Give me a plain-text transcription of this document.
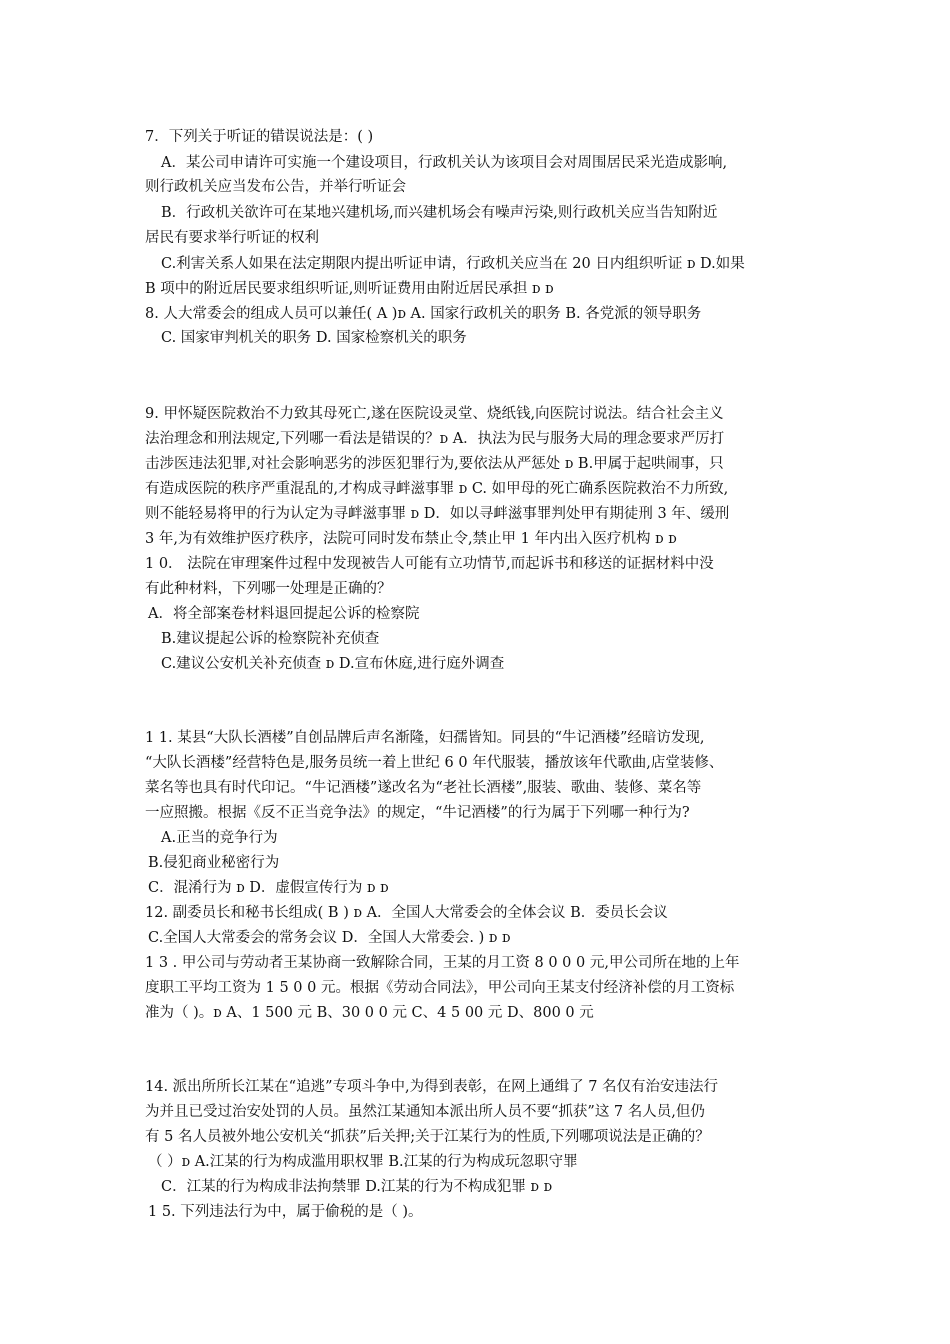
7．下列关于听证的错误说法是：( )
A．某公司申请许可实施一个建设项目，行政机关认为该项目会对周围居民采光造成影响,
则行政机关应当发布公告，并举行听证会
B．行政机关欲许可在某地兴建机场,而兴建机场会有噪声污染,则行政机关应当告知附近
居民有要求举行听证的权利
C.利害关系人如果在法定期限内提出听证申请，行政机关应当在 20 日内组织听证 ᴅ D.如果
B 项中的附近居民要求组织听证,则听证费用由附近居民承担 ᴅ ᴅ
8. 人大常委会的组成人员可以兼任( A )ᴅ A. 国家行政机关的职务 B. 各党派的领导职务
C. 国家审判机关的职务 D. 国家检察机关的职务
9. 甲怀疑医院救治不力致其母死亡,遂在医院设灵堂、烧纸钱,向医院讨说法。结合社会主义
法治理念和刑法规定,下列哪一看法是错误的？ᴅ A．执法为民与服务大局的理念要求严厉打
击涉医违法犯罪,对社会影响恶劣的涉医犯罪行为,要依法从严惩处 ᴅ B.甲属于起哄闹事，只
有造成医院的秩序严重混乱的,才构成寻衅滋事罪 ᴅ C. 如甲母的死亡确系医院救治不力所致,
则不能轻易将甲的行为认定为寻衅滋事罪 ᴅ D．如以寻衅滋事罪判处甲有期徒刑 3 年、缓刑
3 年,为有效维护医疗秩序，法院可同时发布禁止令,禁止甲 1 年内出入医疗机构 ᴅ ᴅ
1 0． 法院在审理案件过程中发现被告人可能有立功情节,而起诉书和移送的证据材料中没
有此种材料，下列哪一处理是正确的？
A．将全部案卷材料退回提起公诉的检察院
B.建议提起公诉的检察院补充侦查
C.建议公安机关补充侦查 ᴅ D.宣布休庭,进行庭外调查
1 1. 某县“大队长酒楼”自创品牌后声名渐隆，妇孺皆知。同县的“牛记酒楼”经暗访发现,
“大队长酒楼”经营特色是,服务员统一着上世纪 6 0 年代服装，播放该年代歌曲,店堂装修、
菜名等也具有时代印记。“牛记酒楼”遂改名为“老社长酒楼”,服装、歌曲、装修、菜名等
一应照搬。根据《反不正当竞争法》的规定，“牛记酒楼”的行为属于下列哪一种行为?
A.正当的竞争行为
B.侵犯商业秘密行为
C．混淆行为 ᴅ D．虚假宣传行为 ᴅ ᴅ
12. 副委员长和秘书长组成( B ) ᴅ A．全国人大常委会的全体会议 B．委员长会议
C.全国人大常委会的常务会议 D．全国人大常委会. ) ᴅ ᴅ
1 3 . 甲公司与劳动者王某协商一致解除合同，王某的月工资 8 0 0 0 元,甲公司所在地的上年
度职工平均工资为 1 5 0 0 元。根据《劳动合同法》，甲公司向王某支付经济补偿的月工资标
准为（ )。ᴅ A、1 500 元 B、30 0 0 元 C、4 5 00 元 D、800 0 元
14. 派出所所长江某在“追逃”专项斗争中,为得到表彰，在网上通缉了 7 名仅有治安违法行
为并且已受过治安处罚的人员。虽然江某通知本派出所人员不要“抓获”这 7 名人员,但仍
有 5 名人员被外地公安机关“抓获”后关押;关于江某行为的性质,下列哪项说法是正确的？
（ ）ᴅ A.江某的行为构成滥用职权罪 B.江某的行为构成玩忽职守罪
C．江某的行为构成非法拘禁罪 D.江某的行为不构成犯罪 ᴅ ᴅ
1 5. 下列违法行为中，属于偷税的是（ )。
